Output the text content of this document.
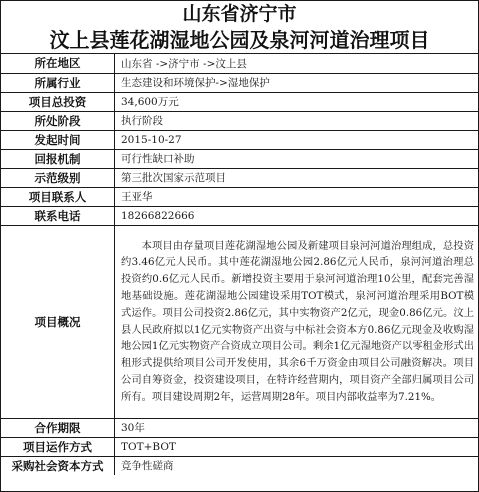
山东省济宁市
汶上县莲花湖湿地公园及泉河河道治理项目
所在地区	山东省 ->济宁市 ->汶上县
所属行业	生态建设和环境保护->湿地保护
项目总投资	34,600万元
所处阶段	执行阶段
发起时间	2015-10-27
回报机制	可行性缺口补助
示范级别	第三批次国家示范项目
项目联系人	王亚华
联系电话	18266822666
项目概况	本项目由存量项目莲花湖湿地公园及新建项目泉河河道治理组成，总投资约3.46亿元人民币。其中莲花湖湿地公园2.86亿元人民币，泉河河道治理总投资约0.6亿元人民币。新增投资主要用于泉河河道治理10公里，配套完善湿地基础设施。莲花湖湿地公园建设采用TOT模式，泉河河道治理采用BOT模式运作。项目公司投资2.86亿元，其中实物资产2亿元，现金0.86亿元。汶上县人民政府拟以1亿元实物资产出资与中标社会资本方0.86亿元现金及收购湿地公园1亿元实物资产合资成立项目公司。剩余1亿元湿地资产以零租金形式出租形式提供给项目公司开发使用，其余6千万资金由项目公司融资解决。项目公司自筹资金，投资建设项目，在特许经营期内，项目资产全部归属项目公司所有。项目建设周期2年，运营周期28年。项目内部收益率为7.21%。
合作期限	30年
项目运作方式	TOT+BOT
采购社会资本方式	竞争性磋商
